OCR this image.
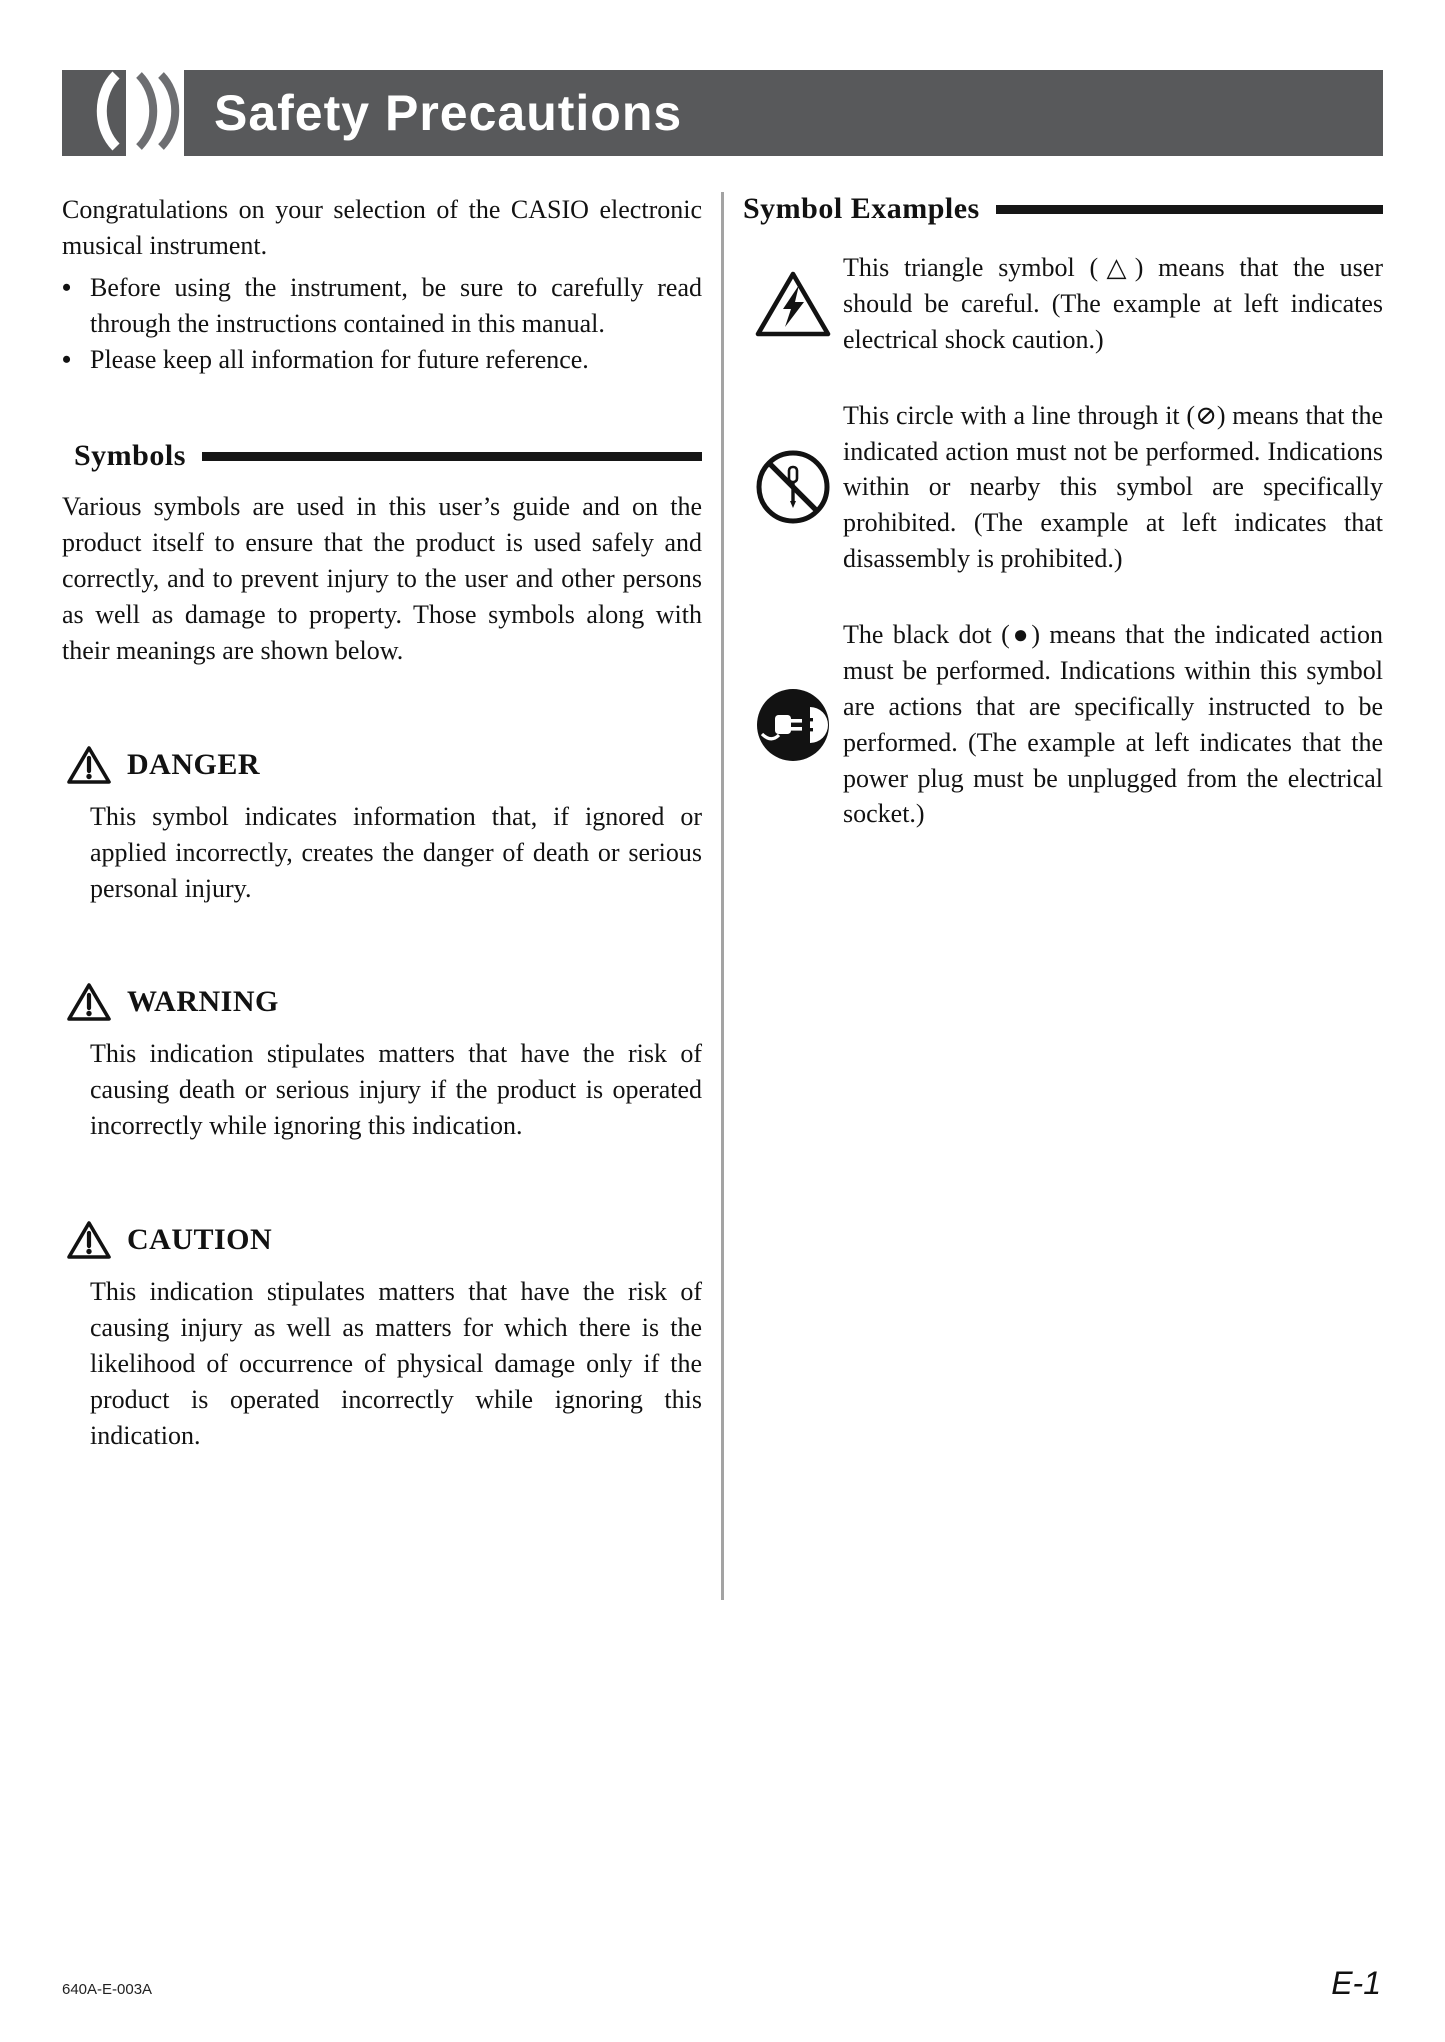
Safety Precautions

Congratulations on your selection of the CASIO electronic musical instrument.

•
Before using the instrument, be sure to carefully read through the instructions contained in this manual.
•
Please keep all information for future reference.
Symbols

Various symbols are used in this user’s guide and on the product itself to ensure that the product is used safely and correctly, and to prevent injury to the user and other persons as well as damage to property. Those symbols along with their meanings are shown below.

DANGER

This symbol indicates information that, if ignored or applied incorrectly, creates the danger of death or serious personal injury.

WARNING

This indication stipulates matters that have the risk of causing death or serious injury if the product is operated incorrectly while ignoring this indication.

CAUTION

This indication stipulates matters that have the risk of causing injury as well as matters for which there is the likelihood of occurrence of physical damage only if the product is operated incorrectly while ignoring this indication.

Symbol Examples

This triangle symbol (△) means that the user should be careful. (The example at left indicates electrical shock caution.)

This circle with a line through it (⊘) means that the indicated action must not be performed. Indications within or nearby this symbol are specifically prohibited. (The example at left indicates that disassembly is prohibited.)

The black dot (●) means that the indicated action must be performed. Indications within this symbol are actions that are specifically instructed to be performed. (The example at left indicates that the power plug must be unplugged from the electrical socket.)

640A-E-003A	E-1
